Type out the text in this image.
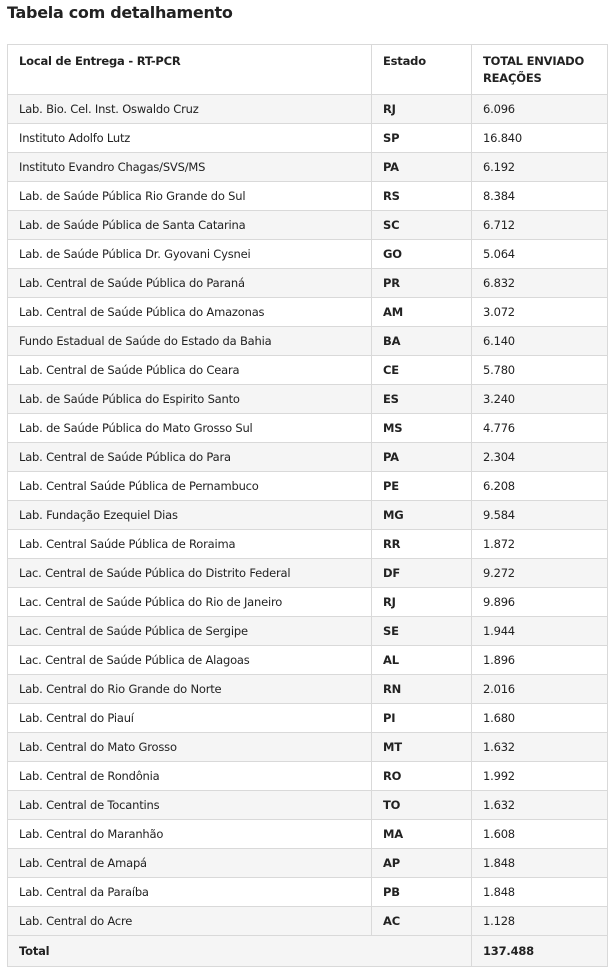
Tabela com detalhamento
Local de Entrega - RT-PCR	Estado	TOTAL ENVIADO REAÇÕES
Lab. Bio. Cel. Inst. Oswaldo Cruz	RJ	6.096
Instituto Adolfo Lutz	SP	16.840
Instituto Evandro Chagas/SVS/MS	PA	6.192
Lab. de Saúde Pública Rio Grande do Sul	RS	8.384
Lab. de Saúde Pública de Santa Catarina	SC	6.712
Lab. de Saúde Pública Dr. Gyovani Cysnei	GO	5.064
Lab. Central de Saúde Pública do Paraná	PR	6.832
Lab. Central de Saúde Pública do Amazonas	AM	3.072
Fundo Estadual de Saúde do Estado da Bahia	BA	6.140
Lab. Central de Saúde Pública do Ceara	CE	5.780
Lab. de Saúde Pública do Espirito Santo	ES	3.240
Lab. de Saúde Pública do Mato Grosso Sul	MS	4.776
Lab. Central de Saúde Pública do Para	PA	2.304
Lab. Central Saúde Pública de Pernambuco	PE	6.208
Lab. Fundação Ezequiel Dias	MG	9.584
Lab. Central Saúde Pública de Roraima	RR	1.872
Lac. Central de Saúde Pública do Distrito Federal	DF	9.272
Lac. Central de Saúde Pública do Rio de Janeiro	RJ	9.896
Lac. Central de Saúde Pública de Sergipe	SE	1.944
Lac. Central de Saúde Pública de Alagoas	AL	1.896
Lab. Central do Rio Grande do Norte	RN	2.016
Lab. Central do Piauí	PI	1.680
Lab. Central do Mato Grosso	MT	1.632
Lab. Central de Rondônia	RO	1.992
Lab. Central de Tocantins	TO	1.632
Lab. Central do Maranhão	MA	1.608
Lab. Central de Amapá	AP	1.848
Lab. Central da Paraíba	PB	1.848
Lab. Central do Acre	AC	1.128
Total		137.488
